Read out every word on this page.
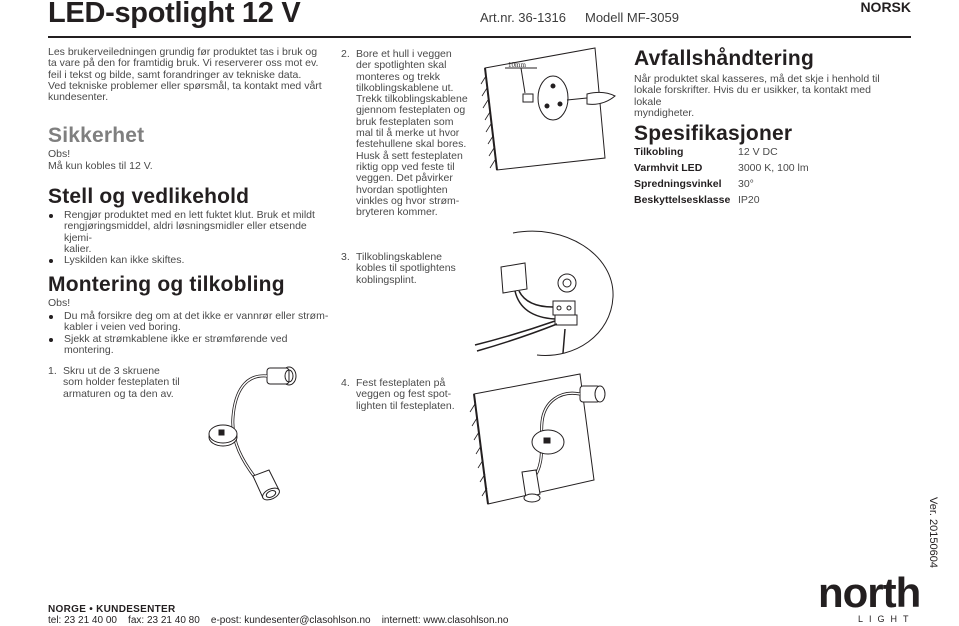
LED-spotlight 12 V	Art.nr. 36-1316 Modell MF-3059
NORSK
Les brukerveiledningen grundig før produktet tas i bruk og
ta vare på den for framtidig bruk. Vi reserverer oss mot ev.
feil i tekst og bilde, samt forandringer av tekniske data.
Ved tekniske problemer eller spørsmål, ta kontakt med vårt
kundesenter.
Sikkerhet
Obs!
Må kun kobles til 12 V.
Stell og vedlikehold
Rengjør produktet med en lett fuktet klut. Bruk et mildt
rengjøringsmiddel, aldri løsningsmidler eller etsende kjemi-
kalier.
Lyskilden kan ikke skiftes.
Montering og tilkobling
Obs!
Du må forsikre deg om at det ikke er vannrør eller strøm-
kabler i veien ved boring.
Sjekk at strømkablene ikke er strømførende ved montering.
1. Skru ut de 3 skruene
som holder festeplaten til
armaturen og ta den av.
2. Bore et hull i veggen
der spotlighten skal
monteres og trekk
tilkoblingskablene ut.
Trekk tilkoblingskablene
gjennom festeplaten og
bruk festeplaten som
mal til å merke ut hvor
festehullene skal bores.
Husk å sett festeplaten
riktig opp ved feste til
veggen. Det påvirker
hvordan spotlighten
vinkles og hvor strøm-
bryteren kommer.
10mm
3. Tilkoblingskablene
kobles til spotlightens
koblingsplint.
4. Fest festeplaten på
veggen og fest spot-
lighten til festeplaten.
Avfallshåndtering
Når produktet skal kasseres, må det skje i henhold til
lokale forskrifter. Hvis du er usikker, ta kontakt med lokale
myndigheter.
Spesifikasjoner
Tilkobling	12 V DC
Varmhvit LED	3000 K, 100 lm
Spredningsvinkel	30°
Beskyttelsesklasse	IP20
Ver. 20150604
NORGE • KUNDESENTER
tel: 23 21 40 00    fax: 23 21 40 80    e-post: kundesenter@clasohlson.no    internett: www.clasohlson.no
north
LIGHT
